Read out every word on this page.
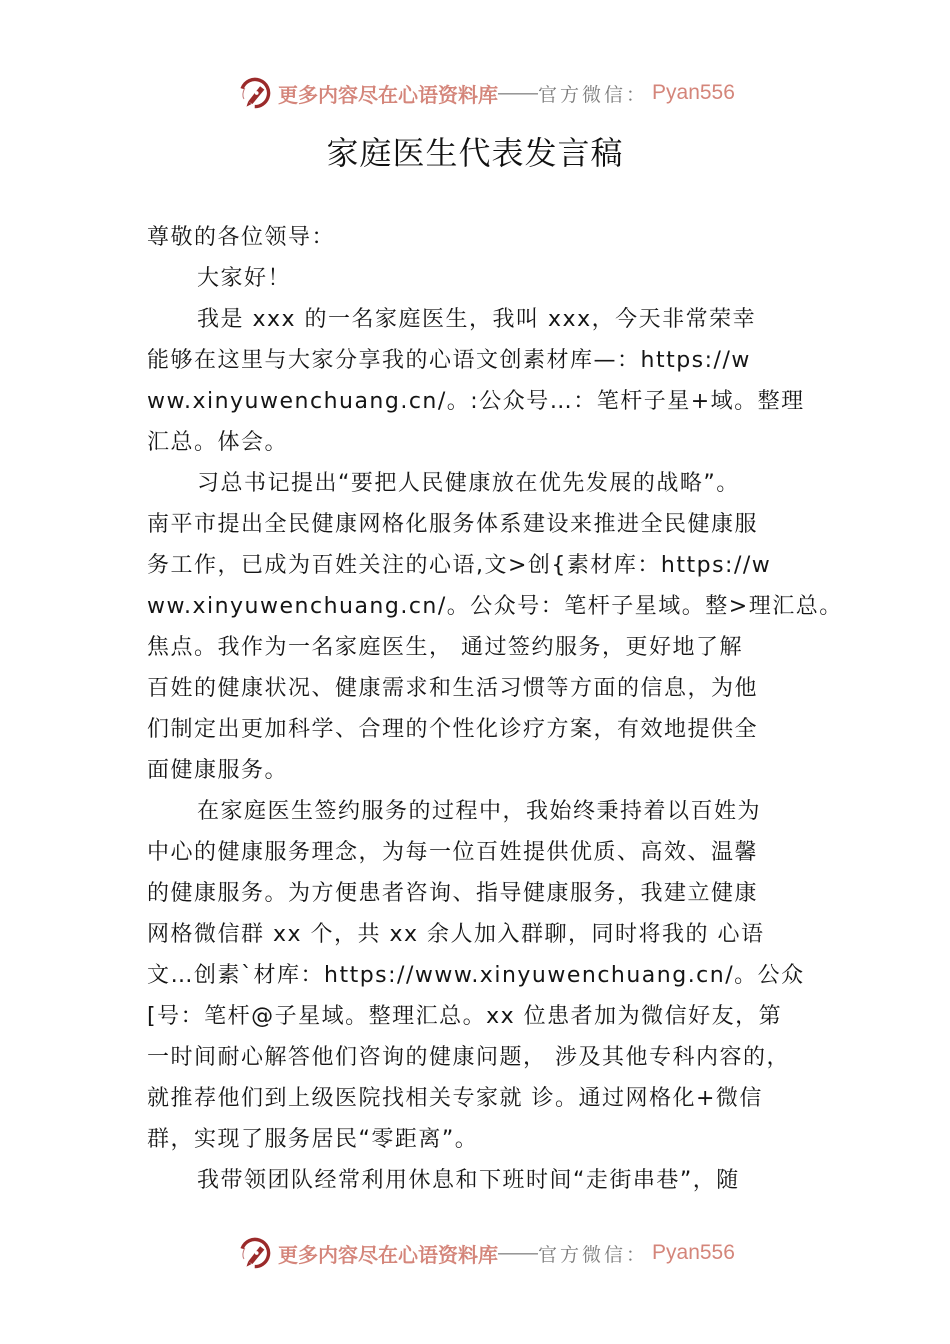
更多内容尽在心语资料库 — — 官方微信： Pyan556
家庭医生代表发言稿
尊敬的各位领导：
大家好！
我是 xxx 的一名家庭医生，我叫 xxx，今天非常荣幸
能够在这里与大家分享我的心语文创素材库—：https://w
ww.xinyuwenchuang.cn/。:公众号…：笔杆子星+域。整理
汇总。体会。
习总书记提出“要把人民健康放在优先发展的战略”。
南平市提出全民健康网格化服务体系建设来推进全民健康服
务工作，已成为百姓关注的心语,文>创{素材库：https://w
ww.xinyuwenchuang.cn/。公众号：笔杆子星域。整>理汇总。
焦点。我作为一名家庭医生， 通过签约服务，更好地了解
百姓的健康状况、健康需求和生活习惯等方面的信息，为他
们制定出更加科学、合理的个性化诊疗方案，有效地提供全
面健康服务。
在家庭医生签约服务的过程中，我始终秉持着以百姓为
中心的健康服务理念，为每一位百姓提供优质、高效、温馨
的健康服务。为方便患者咨询、指导健康服务，我建立健康
网格微信群 xx 个，共 xx 余人加入群聊，同时将我的 心语
文…创素`材库：https://www.xinyuwenchuang.cn/。公众
[号：笔杆@子星域。整理汇总。xx 位患者加为微信好友，第
一时间耐心解答他们咨询的健康问题， 涉及其他专科内容的，
就推荐他们到上级医院找相关专家就 诊。通过网格化+微信
群，实现了服务居民“零距离”。
我带领团队经常利用休息和下班时间“走街串巷”，随
更多内容尽在心语资料库 — — 官方微信： Pyan556
